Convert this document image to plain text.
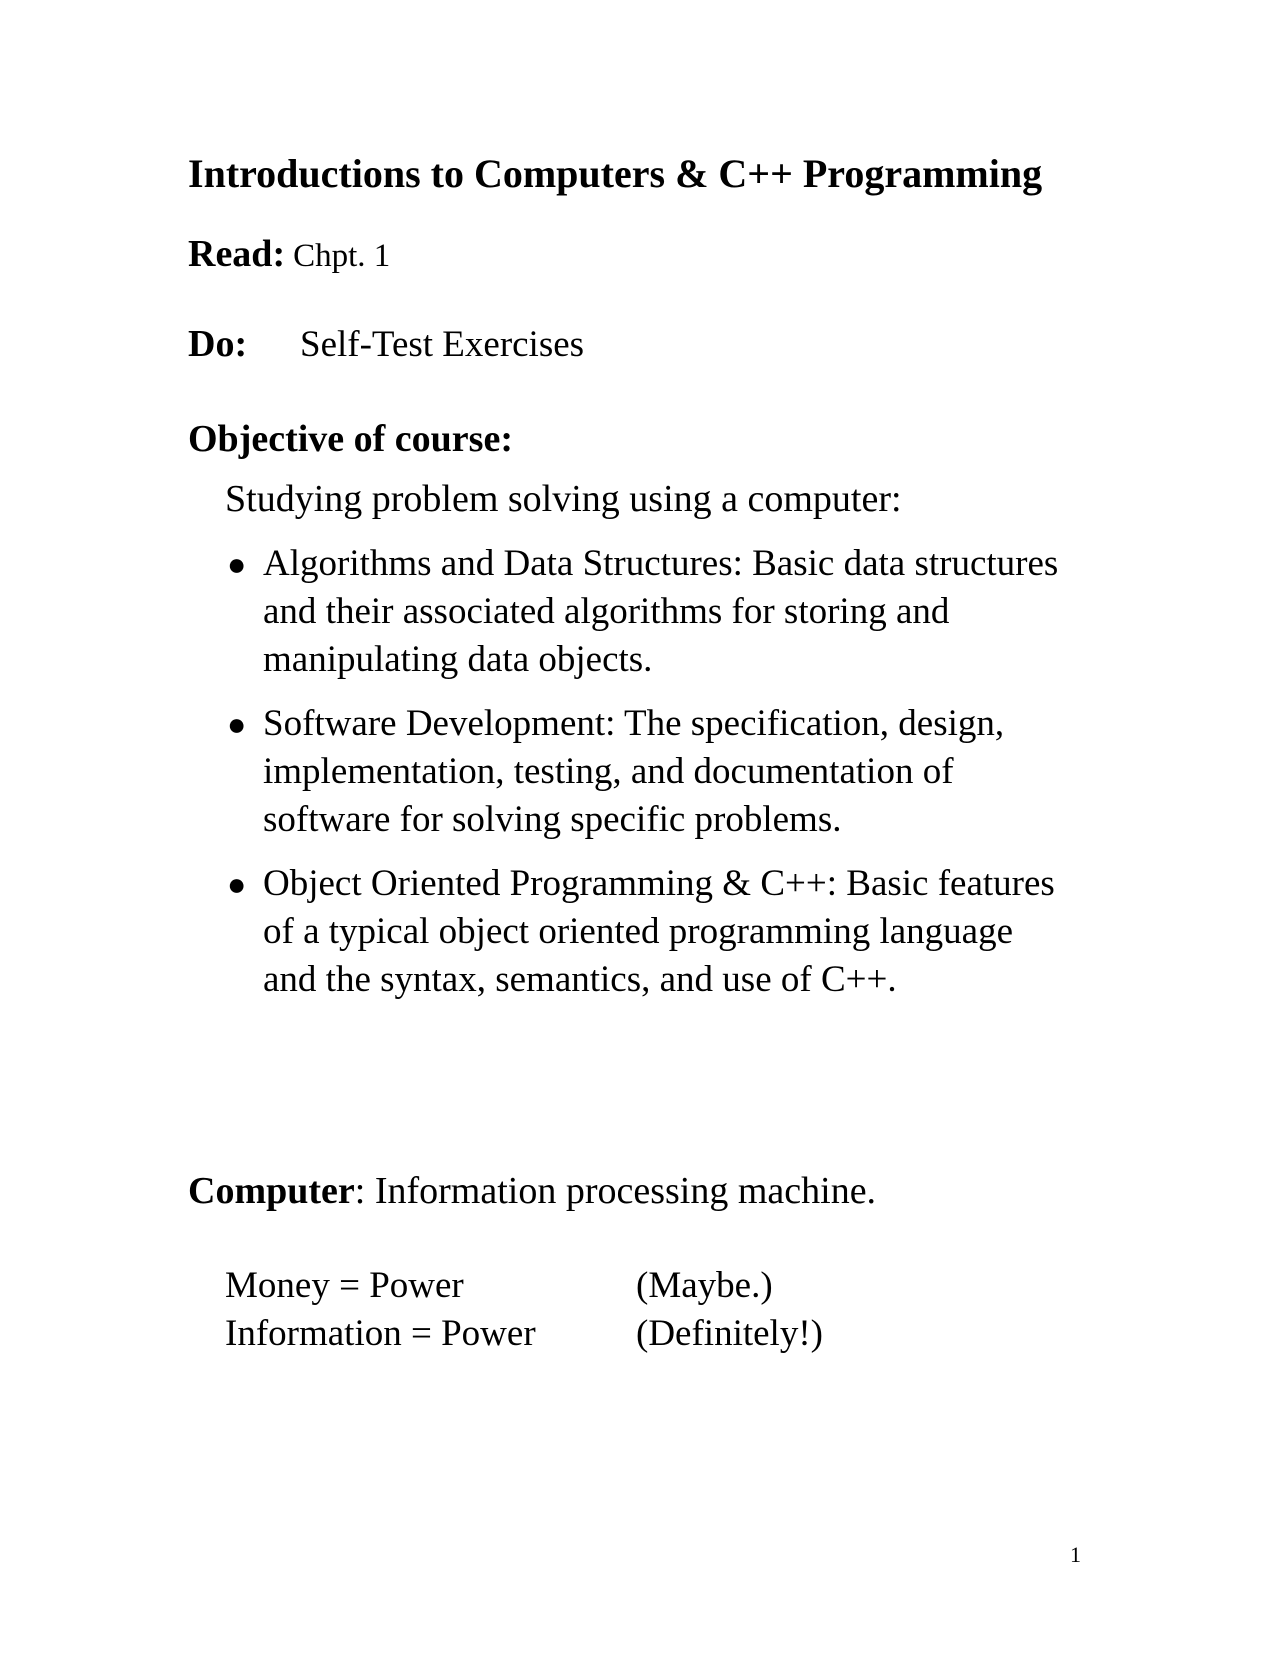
Introductions to Computers & C++ Programming
Read: Chpt. 1
Do: Self-Test Exercises
Objective of course:
Studying problem solving using a computer:
● Algorithms and Data Structures: Basic data structures and their associated algorithms for storing and manipulating data objects.
● Software Development: The specification, design, implementation, testing, and documentation of software for solving specific problems.
● Object Oriented Programming & C++: Basic features of a typical object oriented programming language and the syntax, semantics, and use of C++.
Computer: Information processing machine.
Money = Power	(Maybe.)
Information = Power	(Definitely!)
1
